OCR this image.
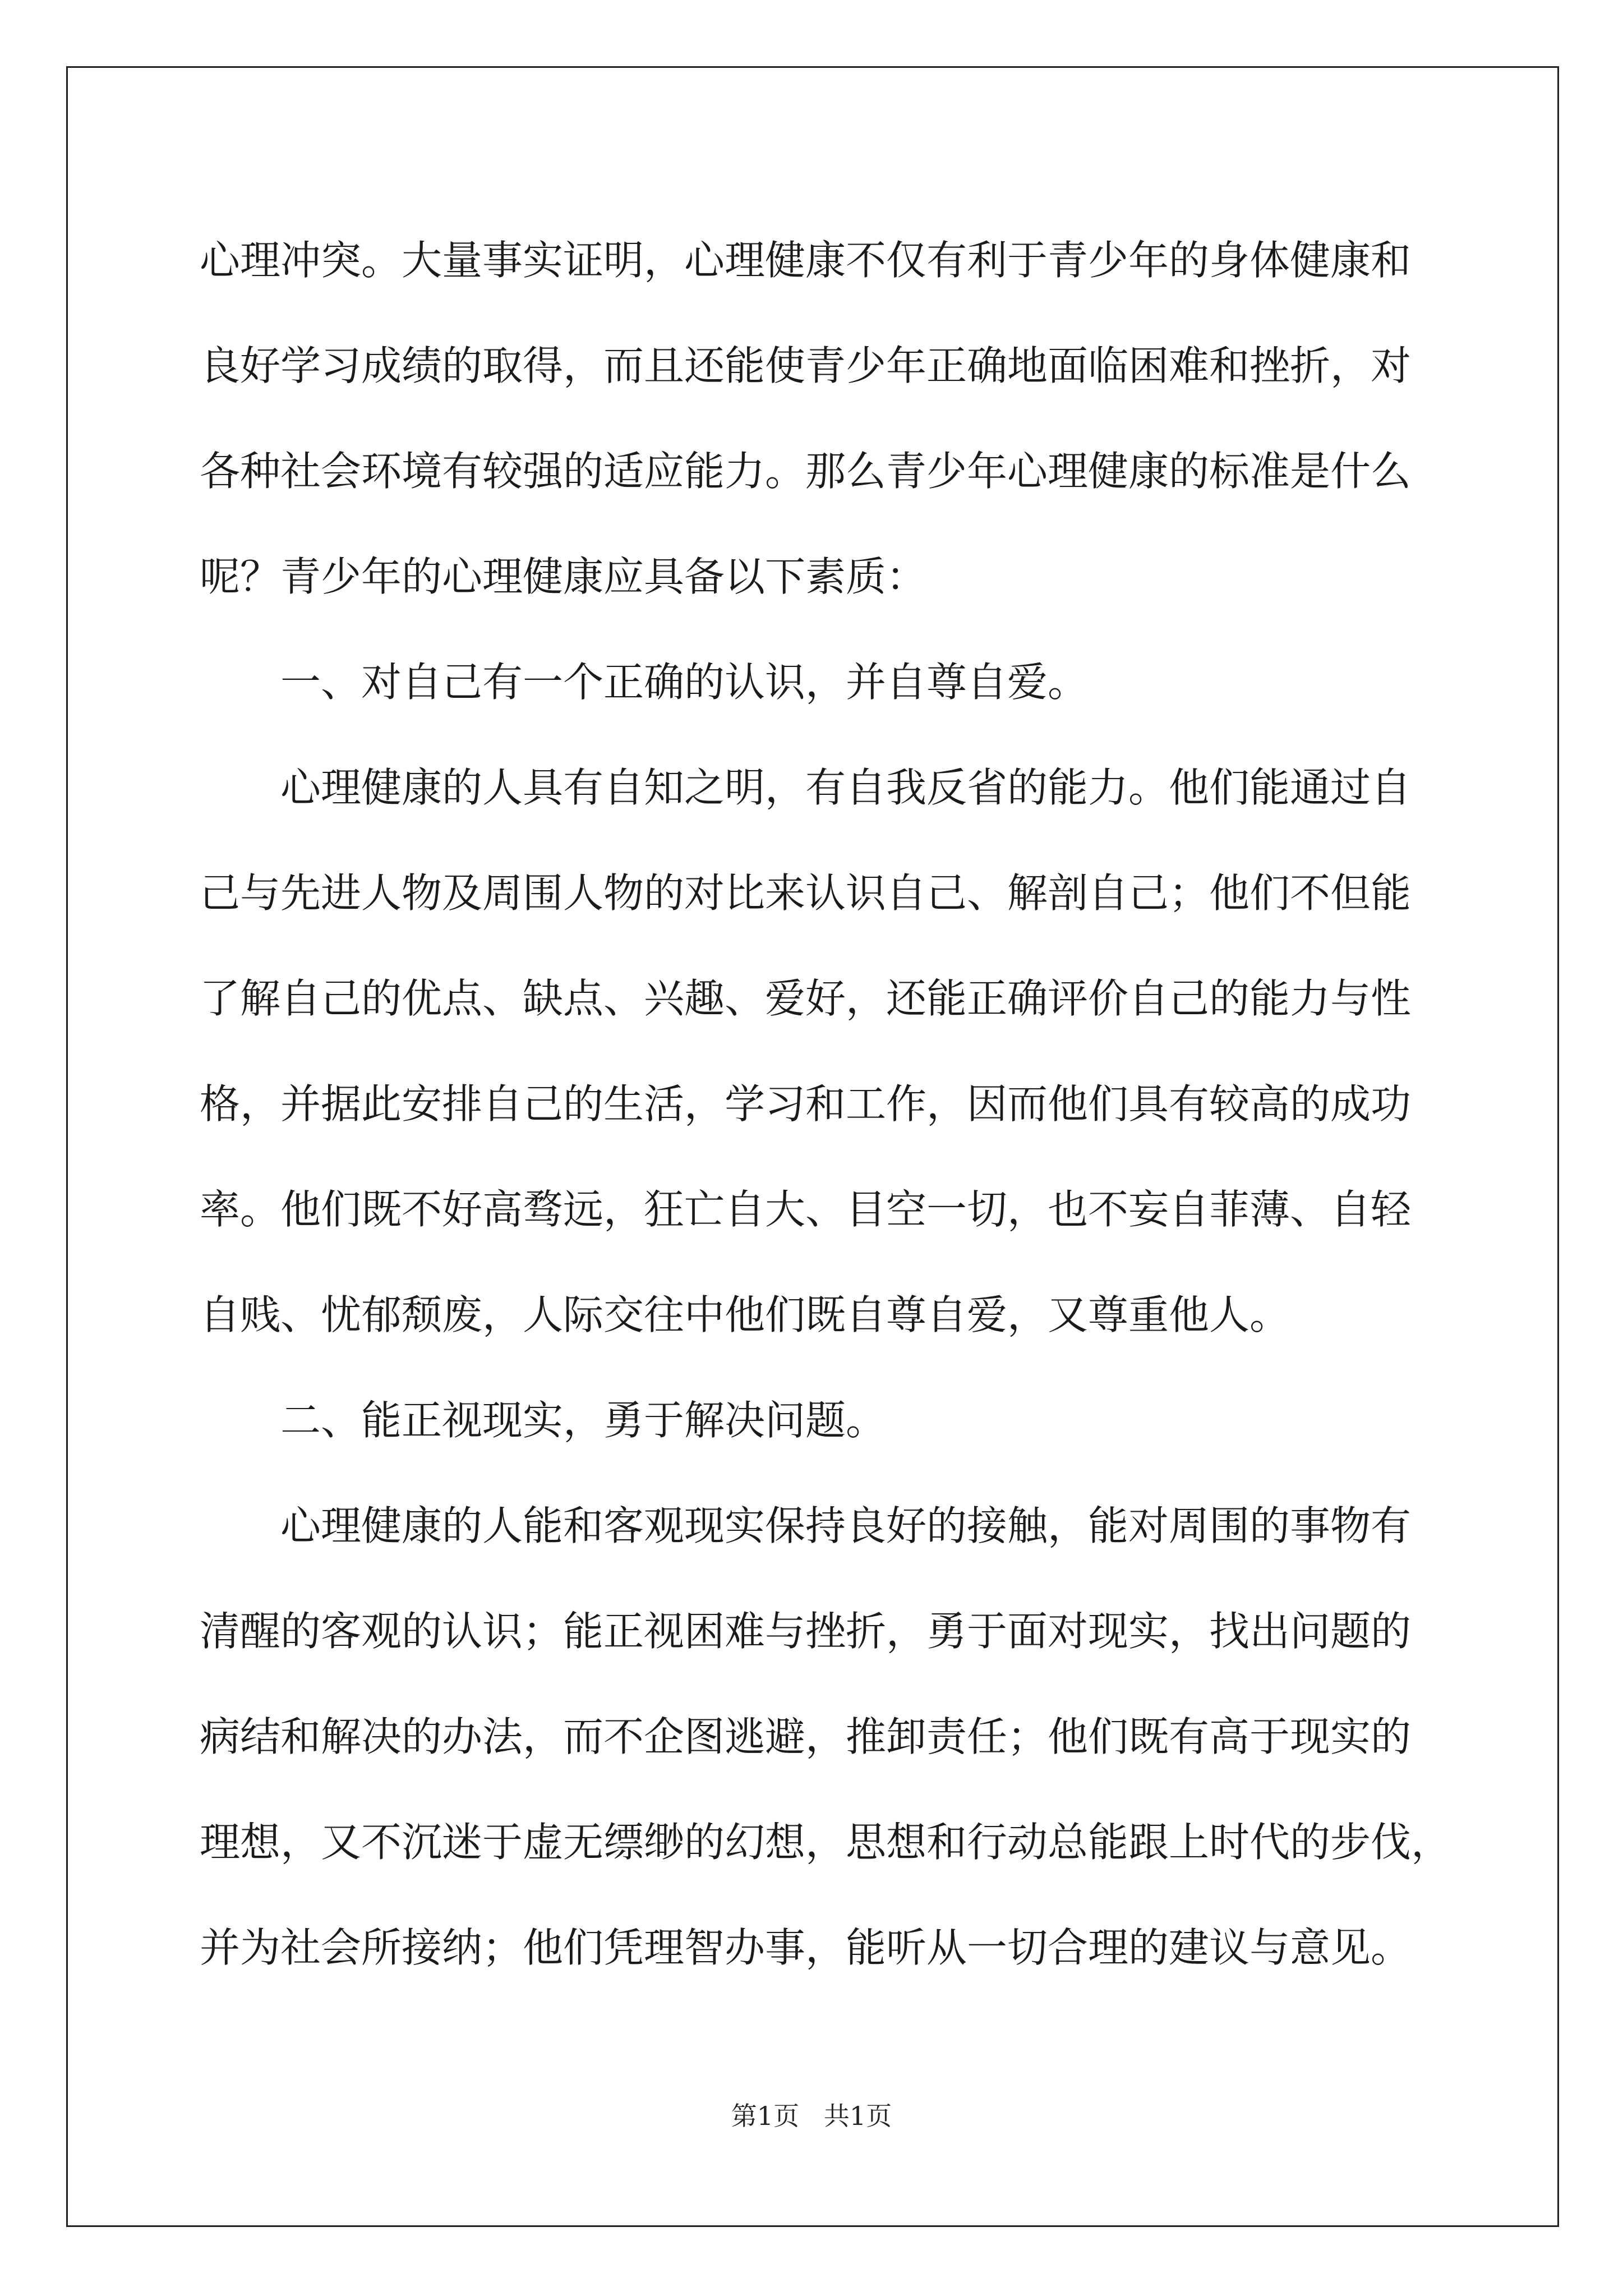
心理冲突。大量事实证明，心理健康不仅有利于青少年的身体健康和

良好学习成绩的取得，而且还能使青少年正确地面临困难和挫折，对

各种社会环境有较强的适应能力。那么青少年心理健康的标准是什么

呢？青少年的心理健康应具备以下素质：

一、对自己有一个正确的认识，并自尊自爱。

心理健康的人具有自知之明，有自我反省的能力。他们能通过自

己与先进人物及周围人物的对比来认识自己、解剖自己；他们不但能

了解自己的优点、缺点、兴趣、爱好，还能正确评价自己的能力与性

格，并据此安排自己的生活，学习和工作，因而他们具有较高的成功

率。他们既不好高骛远，狂亡自大、目空一切，也不妄自菲薄、自轻

自贱、忧郁颓废，人际交往中他们既自尊自爱，又尊重他人。

二、能正视现实，勇于解决问题。

心理健康的人能和客观现实保持良好的接触，能对周围的事物有

清醒的客观的认识；能正视困难与挫折，勇于面对现实，找出问题的

病结和解决的办法，而不企图逃避，推卸责任；他们既有高于现实的

理想，又不沉迷于虚无缥缈的幻想，思想和行动总能跟上时代的步伐，

并为社会所接纳；他们凭理智办事，能听从一切合理的建议与意见。

第1页   共1页
